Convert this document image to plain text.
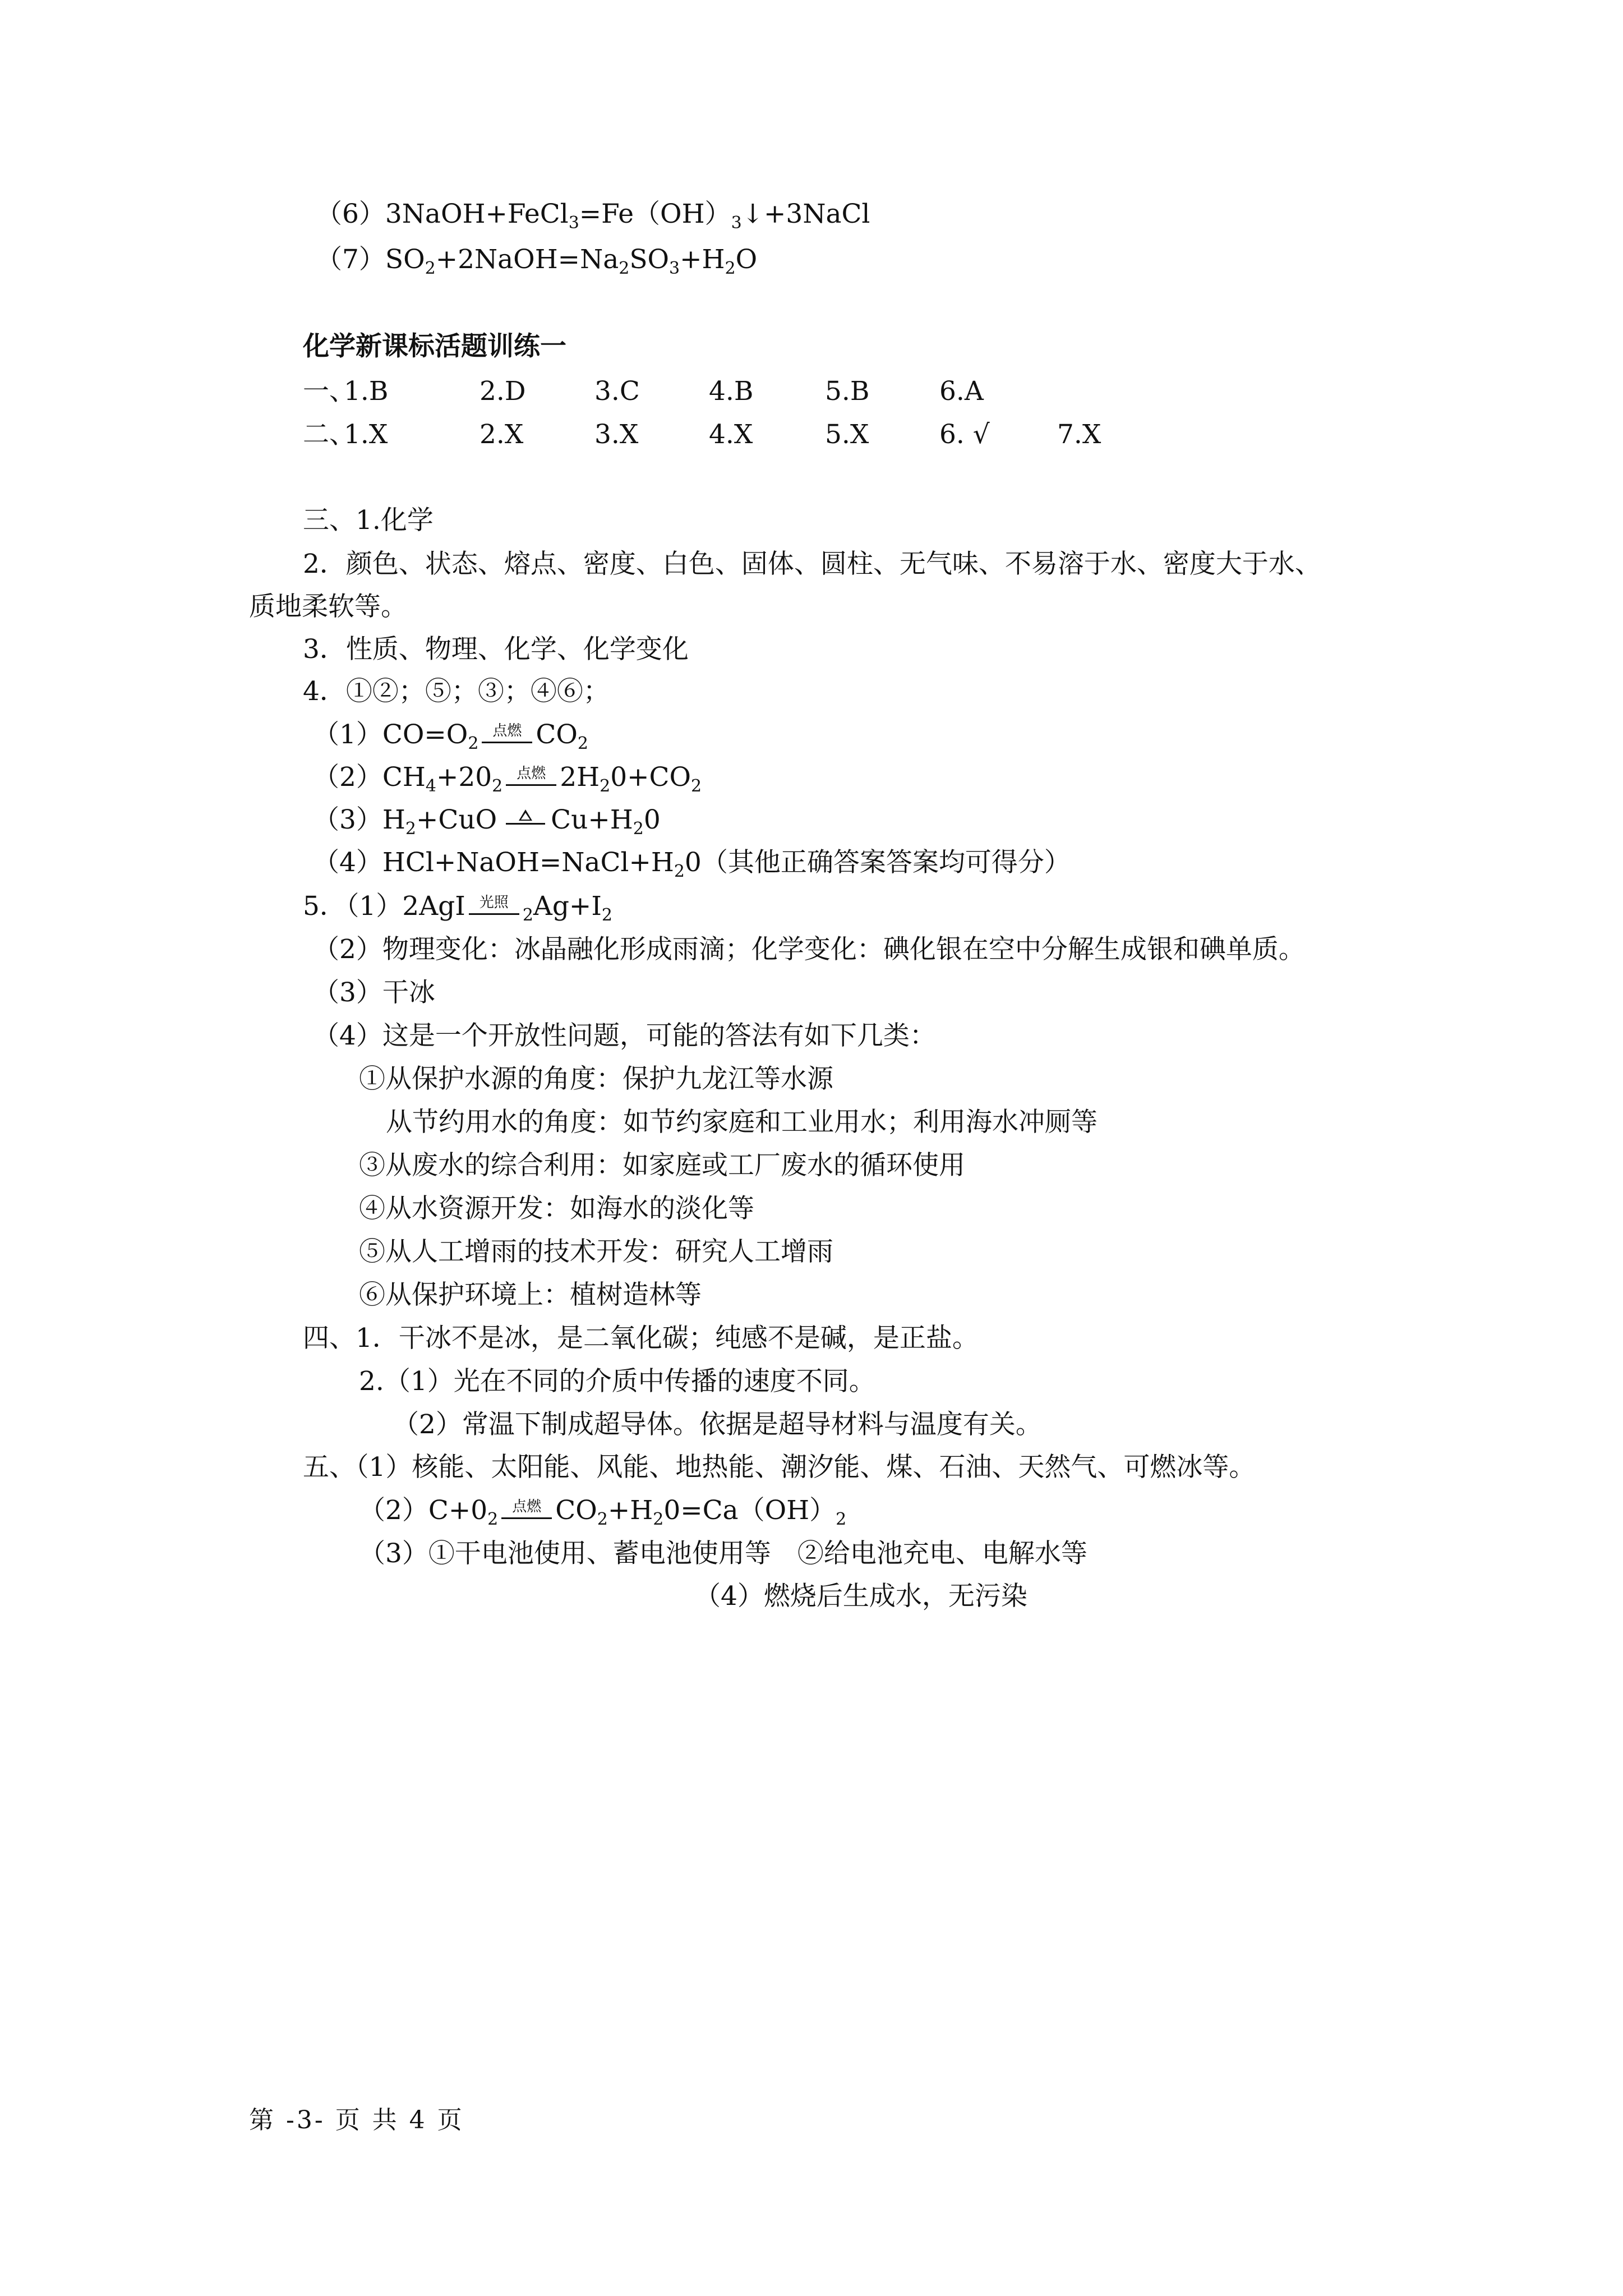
$(6)3NaOH+FeCl_3=Fe(OH)_3↓+3NaCl$
$(7)SO_2+2NaOH=Na_2SO_3+H_2O$
化学新课标活题训练一
一、1.B	2.D	3.C	4.B	5.B	6.A
二、1.X	2.X	3.X	4.X	5.X	6. √	7.X
三、1.化学
2．颜色、状态、熔点、密度、白色、固体、圆柱、无气味、不易溶于水、密度大于水、
质地柔软等。
3．性质、物理、化学、化学变化
4．①②；⑤；③；④⑥；
$(1)CO=O_2$
点燃 $CO_2$
$(2)CH_4+20_2$
点燃 $2H_20+CO_2$
$(3)H_2+CuO$ $Cu+H_20$
$(4)HCl+NaOH=NaCl+H_20$（其他正确答案答案均可得分）
5．（1）2AgI 光照
$_2Ag+I_2$
（2）物理变化：冰晶融化形成雨滴；化学变化：碘化银在空中分解生成银和碘单质。
（3）干冰
（4）这是一个开放性问题，可能的答法有如下几类：
①从保护水源的角度：保护九龙江等水源
从节约用水的角度：如节约家庭和工业用水；利用海水冲厕等
③从废水的综合利用：如家庭或工厂废水的循环使用
④从水资源开发：如海水的淡化等
⑤从人工增雨的技术开发：研究人工增雨
⑥从保护环境上：植树造林等
四、1．干冰不是冰，是二氧化碳；纯感不是碱，是正盐。
2.（1）光在不同的介质中传播的速度不同。
（2）常温下制成超导体。依据是超导材料与温度有关。
五、（1）核能、太阳能、风能、地热能、潮汐能、煤、石油、天然气、可燃冰等。
$(2)C+0_2$
点燃 $CO_2+H_20=Ca(OH)_2$
（3）①干电池使用、蓄电池使用等　②给电池充电、电解水等
（4）燃烧后生成水，无污染
第 -3- 页 共 4 页
